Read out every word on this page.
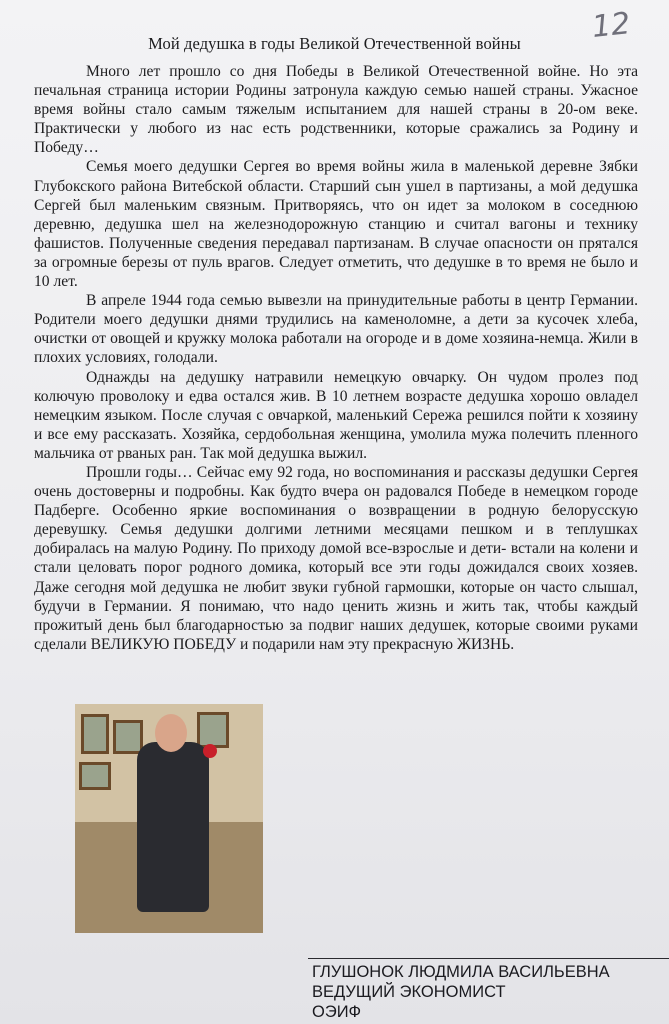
12
Мой дедушка в годы Великой Отечественной войны

Много лет прошло со дня Победы в Великой Отечественной войне. Но эта печальная страница истории Родины затронула каждую семью нашей страны. Ужасное время войны стало самым тяжелым испытанием для нашей страны в 20-ом веке. Практически у любого из нас есть родственники, которые сражались за Родину и Победу…

Семья моего дедушки Сергея во время войны жила в маленькой деревне Зябки Глубокского района Витебской области. Старший сын ушел в партизаны, а мой дедушка Сергей был маленьким связным. Притворяясь, что он идет за молоком в соседнюю деревню, дедушка шел на железнодорожную станцию и считал вагоны и технику фашистов. Полученные сведения передавал партизанам. В случае опасности он прятался за огромные березы от пуль врагов. Следует отметить, что дедушке в то время не было и 10 лет.

В апреле 1944 года семью вывезли на принудительные работы в центр Германии. Родители моего дедушки днями трудились на каменоломне, а дети за кусочек хлеба, очистки от овощей и кружку молока работали на огороде и в доме хозяина-немца. Жили в плохих условиях, голодали.

Однажды на дедушку натравили немецкую овчарку. Он чудом пролез под колючую проволоку и едва остался жив. В 10 летнем возрасте дедушка хорошо овладел немецким языком. После случая с овчаркой, маленький Сережа решился пойти к хозяину и все ему рассказать. Хозяйка, сердобольная женщина, умолила мужа полечить пленного мальчика от рваных ран. Так мой дедушка выжил.

Прошли годы… Сейчас ему 92 года, но воспоминания и рассказы дедушки Сергея очень достоверны и подробны. Как будто вчера он радовался Победе в немецком городе Падберге. Особенно яркие воспоминания о возвращении в родную белорусскую деревушку. Семья дедушки долгими летними месяцами пешком и в теплушках добиралась на малую Родину. По приходу домой все-взрослые и дети- встали на колени и стали целовать порог родного домика, который все эти годы дожидался своих хозяев. Даже сегодня мой дедушка не любит звуки губной гармошки, которые он часто слышал, будучи в Германии. Я понимаю, что надо ценить жизнь и жить так, чтобы каждый прожитый день был благодарностью за подвиг наших дедушек, которые своими руками сделали ВЕЛИКУЮ ПОБЕДУ и подарили нам эту прекрасную ЖИЗНЬ.

ГЛУШОНОК ЛЮДМИЛА ВАСИЛЬЕВНА
ВЕДУЩИЙ ЭКОНОМИСТ
ОЭИФ
